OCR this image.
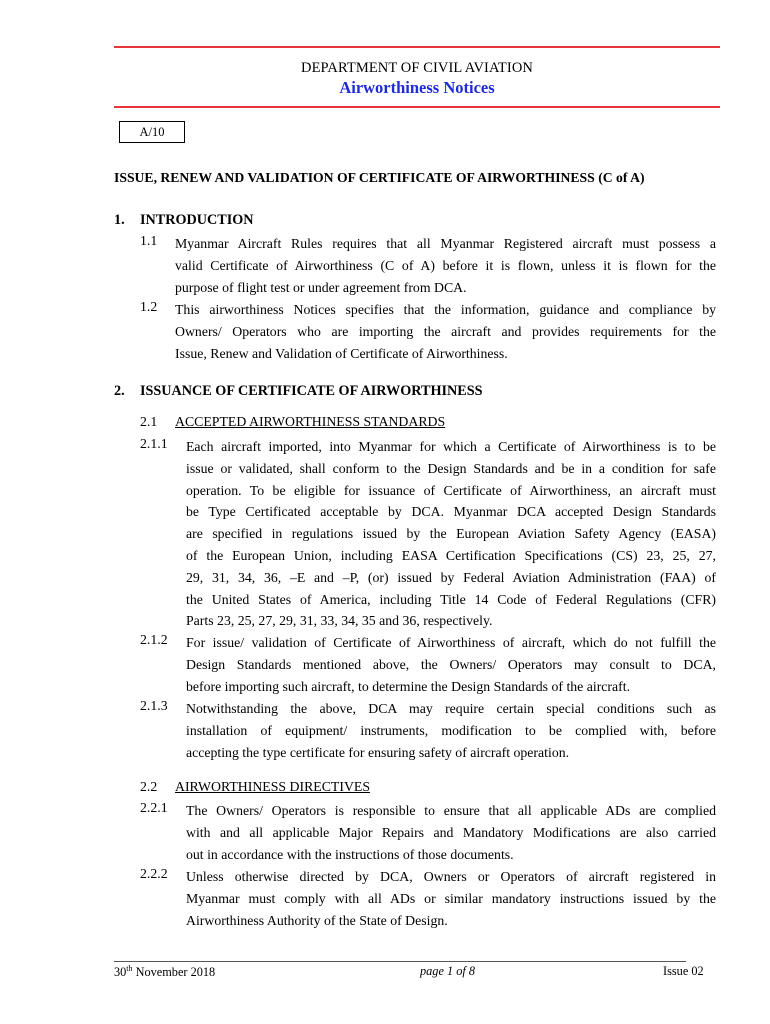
DEPARTMENT OF CIVIL AVIATION
Airworthiness Notices
A/10
ISSUE, RENEW AND VALIDATION OF CERTIFICATE OF AIRWORTHINESS (C of A)
1. INTRODUCTION
1.1 Myanmar Aircraft Rules requires that all Myanmar Registered aircraft must possess a
valid Certificate of Airworthiness (C of A) before it is flown, unless it is flown for the
purpose of flight test or under agreement from DCA.
1.2 This airworthiness Notices specifies that the information, guidance and compliance by
Owners/ Operators who are importing the aircraft and provides requirements for the
Issue, Renew and Validation of Certificate of Airworthiness.
2. ISSUANCE OF CERTIFICATE OF AIRWORTHINESS
2.1 ACCEPTED AIRWORTHINESS STANDARDS
2.1.1 Each aircraft imported, into Myanmar for which a Certificate of Airworthiness is to be
issue or validated, shall conform to the Design Standards and be in a condition for safe
operation. To be eligible for issuance of Certificate of Airworthiness, an aircraft must
be Type Certificated acceptable by DCA. Myanmar DCA accepted Design Standards
are specified in regulations issued by the European Aviation Safety Agency (EASA)
of the European Union, including EASA Certification Specifications (CS) 23, 25, 27,
29, 31, 34, 36, –E and –P, (or) issued by Federal Aviation Administration (FAA) of
the United States of America, including Title 14 Code of Federal Regulations (CFR)
Parts 23, 25, 27, 29, 31, 33, 34, 35 and 36, respectively.
2.1.2 For issue/ validation of Certificate of Airworthiness of aircraft, which do not fulfill the
Design Standards mentioned above, the Owners/ Operators may consult to DCA,
before importing such aircraft, to determine the Design Standards of the aircraft.
2.1.3 Notwithstanding the above, DCA may require certain special conditions such as
installation of equipment/ instruments, modification to be complied with, before
accepting the type certificate for ensuring safety of aircraft operation.
2.2 AIRWORTHINESS DIRECTIVES
2.2.1 The Owners/ Operators is responsible to ensure that all applicable ADs are complied
with and all applicable Major Repairs and Mandatory Modifications are also carried
out in accordance with the instructions of those documents.
2.2.2 Unless otherwise directed by DCA, Owners or Operators of aircraft registered in
Myanmar must comply with all ADs or similar mandatory instructions issued by the
Airworthiness Authority of the State of Design.
30th November 2018	page 1 of 8	Issue 02
